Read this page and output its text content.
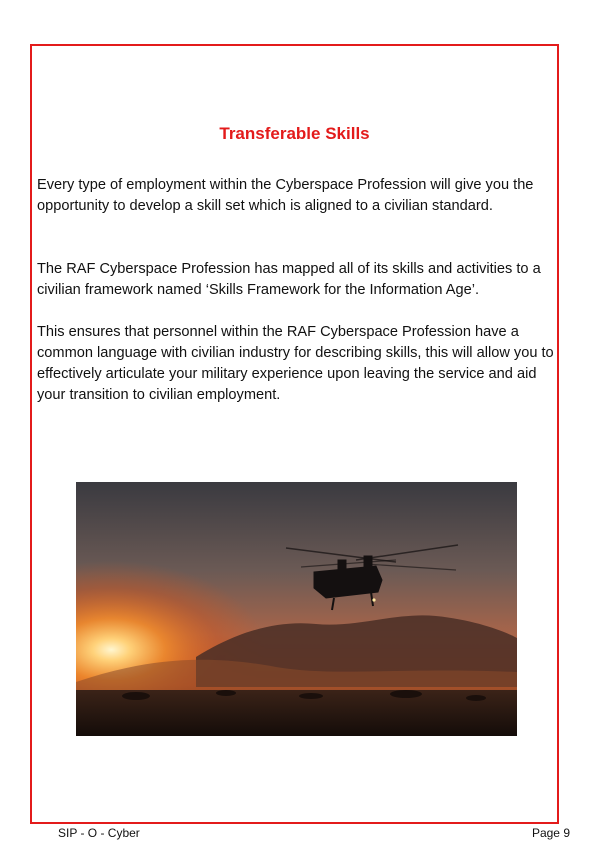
Transferable Skills

Every type of employment within the Cyberspace Profession will give you the opportunity to develop a skill set which is aligned to a civilian standard.

The RAF Cyberspace Profession has mapped all of its skills and activities to a civilian framework named ‘Skills Framework for the Information Age’.

This ensures that personnel within the RAF Cyberspace Profession have a common language with civilian industry for describing skills, this will allow you to effectively articulate your military experience upon leaving the service and aid your transition to civilian employment.

SIP - O - Cyber	Page 9
